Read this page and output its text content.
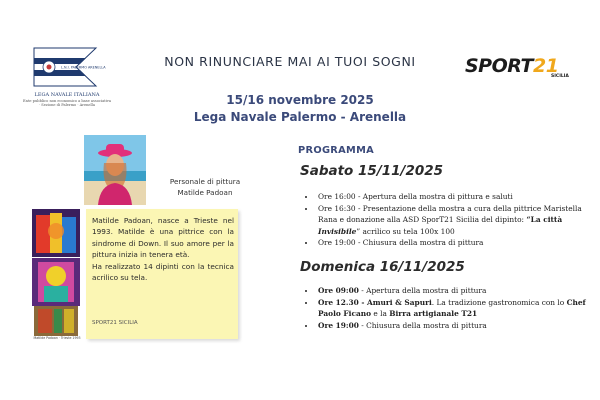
L.N.I. PALERMO ARENELLA
LEGA NAVALE ITALIANA
Ente pubblico non economico a base associativa · Sezione di Palermo · Arenella
NON RINUNCIARE MAI AI TUOI SOGNI	SPORT 21
SICILIA
15/16 novembre 2025
Lega Navale Palermo - Arenella
Matilde Padoan · Trieste 1993
Personale di pittura
Matilde Padoan

Matilde Padoan, nasce a Trieste nel 1993. Matilde è una pittrice con la sindrome di Down. Il suo amore per la pittura inizia in tenera età.

Ha realizzato 14 dipinti con la tecnica acrilico su tela.

SPORT21 SICILIA
PROGRAMMA
Sabato 15/11/2025
• Ore 16:00 - Apertura della mostra di pittura e saluti
• Ore 16:30 - Presentazione della mostra a cura della pittrice Maristella Rana e donazione alla ASD SporT21 Sicilia del dipinto: “La città Invisibile” acrilico su tela 100x 100
• Ore 19:00 - Chiusura della mostra di pittura
Domenica 16/11/2025
• Ore 09:00 - Apertura della mostra di pittura
• Ore 12.30 - Amuri & Sapuri. La tradizione gastronomica con lo Chef Paolo Ficano e la Birra artigianale T21
• Ore 19:00 - Chiusura della mostra di pittura
